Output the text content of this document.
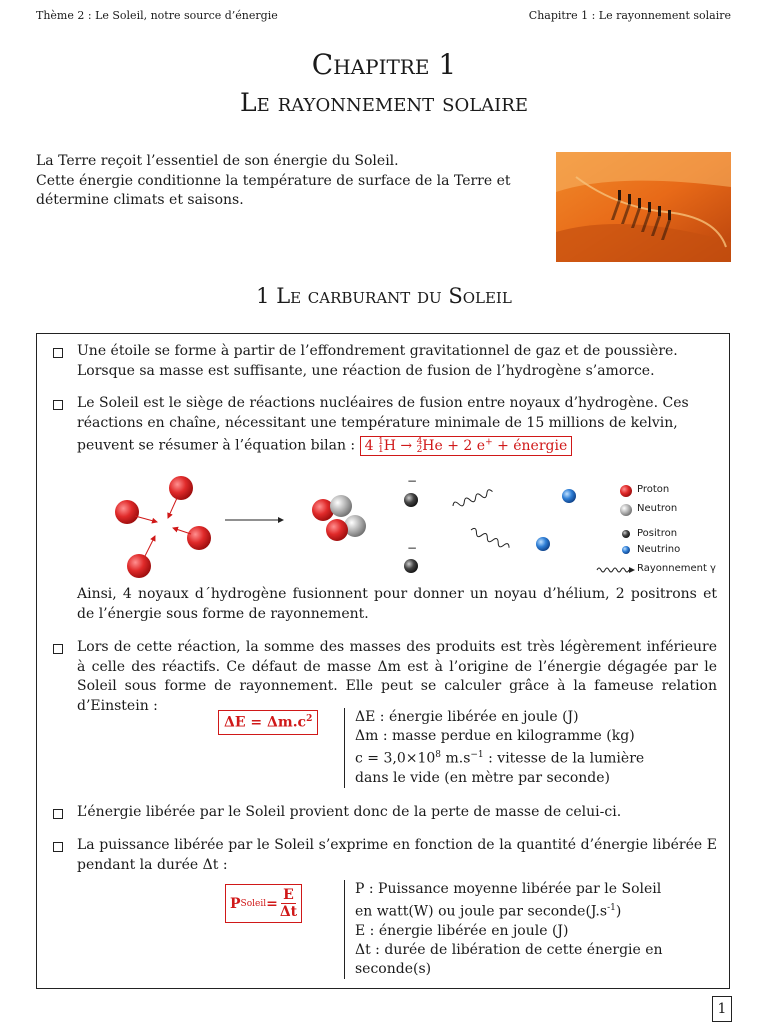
Thème 2 : Le Soleil, notre source d’énergie	Chapitre 1 : Le rayonnement solaire
Chapitre 1
Le rayonnement solaire
La Terre reçoit l’essentiel de son énergie du Soleil.
Cette énergie conditionne la température de surface de la Terre et détermine climats et saisons.
1 Le carburant du Soleil
Une étoile se forme à partir de l’effondrement gravitationnel de gaz et de poussière. Lorsque sa masse est suffisante, une réaction de fusion de l’hydrogène s’amorce.
Le Soleil est le siège de réactions nucléaires de fusion entre noyaux d’hydrogène. Ces réactions en chaîne, nécessitant une température minimale de 15 millions de kelvin, peuvent se résumer à l’équation bilan : 4 1
1H → 4
2He + 2 e+ + énergie
−
−
Proton
Neutron
Positron
Neutrino
Rayonnement γ
Ainsi, 4 noyaux d´hydrogène fusionnent pour donner un noyau d’hélium, 2 positrons et de l’énergie sous forme de rayonnement.
Lors de cette réaction, la somme des masses des produits est très légèrement inférieure à celle des réactifs. Ce défaut de masse Δm est à l’origine de l’énergie dégagée par le Soleil sous forme de rayonnement. Elle peut se calculer grâce à la fameuse relation d’Einstein :
$\Delta E = \Delta m.c^2$	ΔE : énergie libérée en joule (J)
Δm : masse perdue en kilogramme (kg)
$c = 3,0\times 10^8$ $m.s^{-1}$ : vitesse de la lumière
dans le vide (en mètre par seconde)
L’énergie libérée par le Soleil provient donc de la perte de masse de celui-ci.
La puissance libérée par le Soleil s’exprime en fonction de la quantité d’énergie libérée E pendant la durée Δt :
P Soleil = $\frac{E}{\Delta t}$	P : Puissance moyenne libérée par le Soleil
en watt(W) ou joule par $seconde(J.s^{-1})$
E : énergie libérée en joule (J)
Δt : durée de libération de cette énergie en
seconde(s)
1
